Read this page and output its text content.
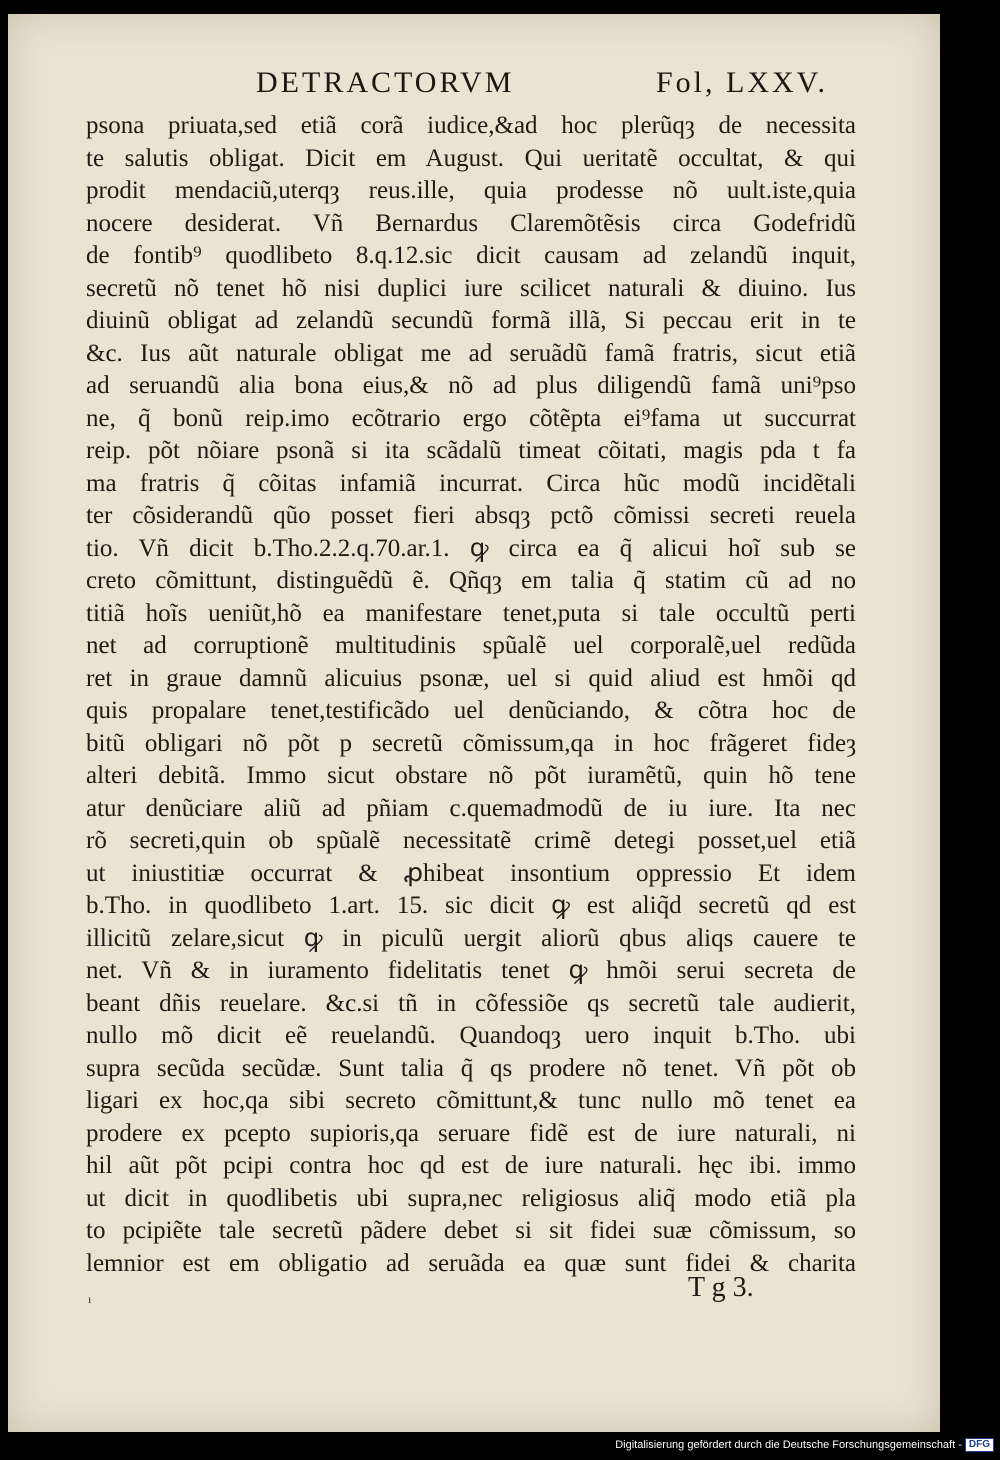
DETRACTORVM	Fol, LXXV.
psona priuata,sed etiã corã iudice,&ad hoc plerũqȝ de necessita
te salutis obligat. Dicit em August. Qui ueritatẽ occultat, & qui
prodit mendaciũ,uterqȝ reus.ille, quia prodesse nõ uult.iste,quia
nocere desiderat. Vñ Bernardus Claremõtẽsis circa Godefridũ
de fontib⁹ quodlibeto 8.q.12.sic dicit causam ad zelandũ inquit,
secretũ nõ tenet hõ nisi duplici iure scilicet naturali & diuino. Ius
diuinũ obligat ad zelandũ secundũ formã illã, Si peccau erit in te
&c. Ius aũt naturale obligat me ad seruãdũ famã fratris, sicut etiã
ad seruandũ alia bona eius,& nõ ad plus diligendũ famã uni⁹pso
ne, q̃ bonũ reip.imo ecõtrario ergo cõtẽpta ei⁹fama ut succurrat
reip. põt nõiare psonã si ita scãdalũ timeat cõitati, magis pda t fa
ma fratris q̃ cõitas infamiã incurrat. Circa hũc modũ incidẽtali
ter cõsiderandũ qũo posset fieri absqȝ pctõ cõmissi secreti reuela
tio. Vñ dicit b.Tho.2.2.q.70.ar.1. ꝙ circa ea q̃ alicui hoĩ sub se
creto cõmittunt, distinguẽdũ ẽ. Qñqȝ em talia q̃ statim cũ ad no
titiã hoĩs ueniũt,hõ ea manifestare tenet,puta si tale occultũ perti
net ad corruptionẽ multitudinis spũalẽ uel corporalẽ,uel redũda
ret in graue damnũ alicuius psonæ, uel si quid aliud est hmõi qd
quis propalare tenet,testificãdo uel denũciando, & cõtra hoc de
bitũ obligari nõ põt p secretũ cõmissum,qa in hoc frãgeret fideȝ
alteri debitã. Immo sicut obstare nõ põt iuramẽtũ, quin hõ tene
atur denũciare aliũ ad pñiam c.quemadmodũ de iu iure. Ita nec
rõ secreti,quin ob spũalẽ necessitatẽ crimẽ detegi posset,uel etiã
ut iniustitiæ occurrat & ꝓhibeat insontium oppressio Et idem
b.Tho. in quodlibeto 1.art. 15. sic dicit ꝙ est aliq̃d secretũ qd est
illicitũ zelare,sicut ꝙ in piculũ uergit aliorũ qbus aliqs cauere te
net. Vñ & in iuramento fidelitatis tenet ꝙ hmõi serui secreta de
beant dñis reuelare. &c.si tñ in cõfessiõe qs secretũ tale audierit,
nullo mõ dicit eẽ reuelandũ. Quandoqȝ uero inquit b.Tho. ubi
supra secũda secũdæ. Sunt talia q̃ qs prodere nõ tenet. Vñ põt ob
ligari ex hoc,qa sibi secreto cõmittunt,& tunc nullo mõ tenet ea
prodere ex pcepto supioris,qa seruare fidẽ est de iure naturali, ni
hil aũt põt pcipi contra hoc qd est de iure naturali. hęc ibi. immo
ut dicit in quodlibetis ubi supra,nec religiosus aliq̃ modo etiã pla
to pcipiẽte tale secretũ pãdere debet si sit fidei suæ cõmissum, so
lemnior est em obligatio ad seruãda ea quæ sunt fidei & charita
ı	T g 3.
Digitalisierung gefördert durch die Deutsche Forschungsgemeinschaft - DFG
